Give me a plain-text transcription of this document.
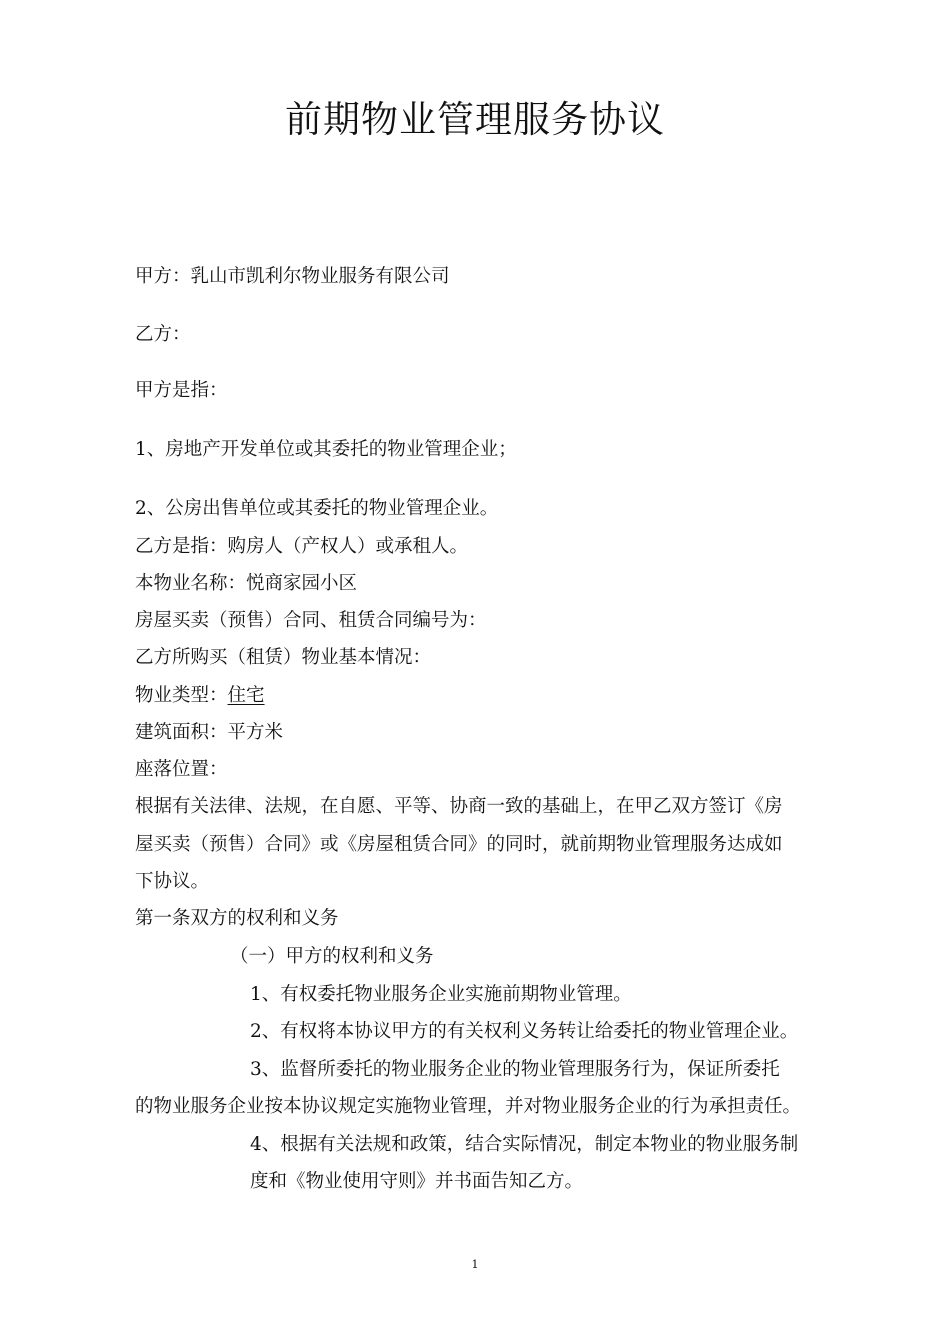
前期物业管理服务协议
甲方：乳山市凯利尔物业服务有限公司
乙方：
甲方是指：
1、房地产开发单位或其委托的物业管理企业；
2、公房出售单位或其委托的物业管理企业。
乙方是指：购房人（产权人）或承租人。
本物业名称：悦商家园小区
房屋买卖（预售）合同、租赁合同编号为：
乙方所购买（租赁）物业基本情况：
物业类型：住宅
建筑面积：平方米
座落位置：
根据有关法律、法规，在自愿、平等、协商一致的基础上，在甲乙双方签订《房
屋买卖（预售）合同》或《房屋租赁合同》的同时，就前期物业管理服务达成如
下协议。
第一条双方的权利和义务
（一）甲方的权利和义务
1、有权委托物业服务企业实施前期物业管理。
2、有权将本协议甲方的有关权利义务转让给委托的物业管理企业。
3、监督所委托的物业服务企业的物业管理服务行为，保证所委托
的物业服务企业按本协议规定实施物业管理，并对物业服务企业的行为承担责任。
4、根据有关法规和政策，结合实际情况，制定本物业的物业服务制
度和《物业使用守则》并书面告知乙方。
1
